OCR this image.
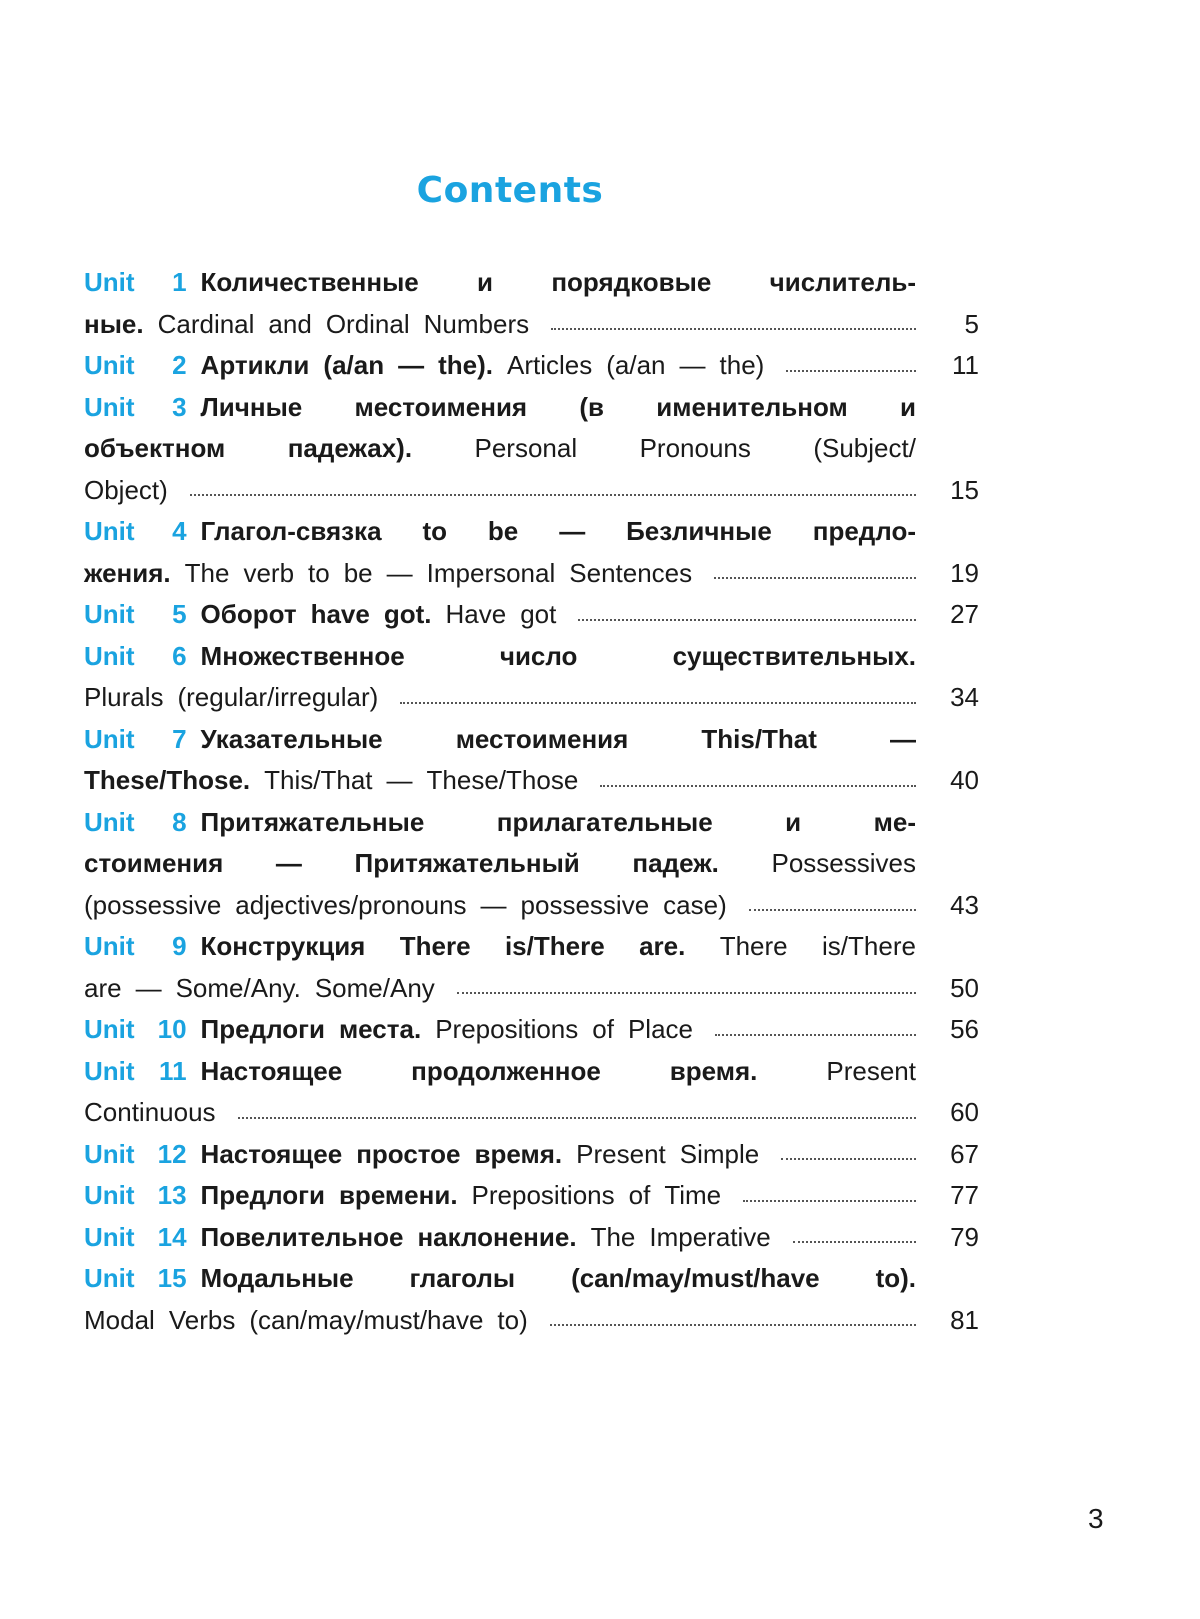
Contents
Unit 1 Количественные и порядковые числитель-
ные. Cardinal and Ordinal Numbers	5
Unit 2 Артикли (a/an — the). Articles (a/an — the)	11
Unit 3 Личные местоимения (в именительном и
объектном падежах). Personal Pronouns (Subject/
Object)	15
Unit 4 Глагол-связка to be — Безличные предло-
жения. The verb to be — Impersonal Sentences	19
Unit 5 Оборот have got. Have got	27
Unit 6 Множественное	число	существительных.
Plurals (regular/irregular)	34
Unit 7 Указательные	местоимения	This/That	—
These/Those. This/That — These/Those	40
Unit 8 Притяжательные	прилагательные	и	ме-
стоимения — Притяжательный падеж. Possessives
(possessive adjectives/pronouns — possessive case)	43
Unit 9 Конструкция There is/There are. There is/There
are — Some/Any. Some/Any	50
Unit 10 Предлоги места. Prepositions of Place	56
Unit 11 Настоящее	продолженное	время.	Present
Continuous	60
Unit 12 Настоящее простое время. Present Simple	67
Unit 13 Предлоги времени. Prepositions of Time	77
Unit 14 Повелительное наклонение. The Imperative	79
Unit 15 Модальные глаголы (can/may/must/have to).
Modal Verbs (can/may/must/have to)	81
3
